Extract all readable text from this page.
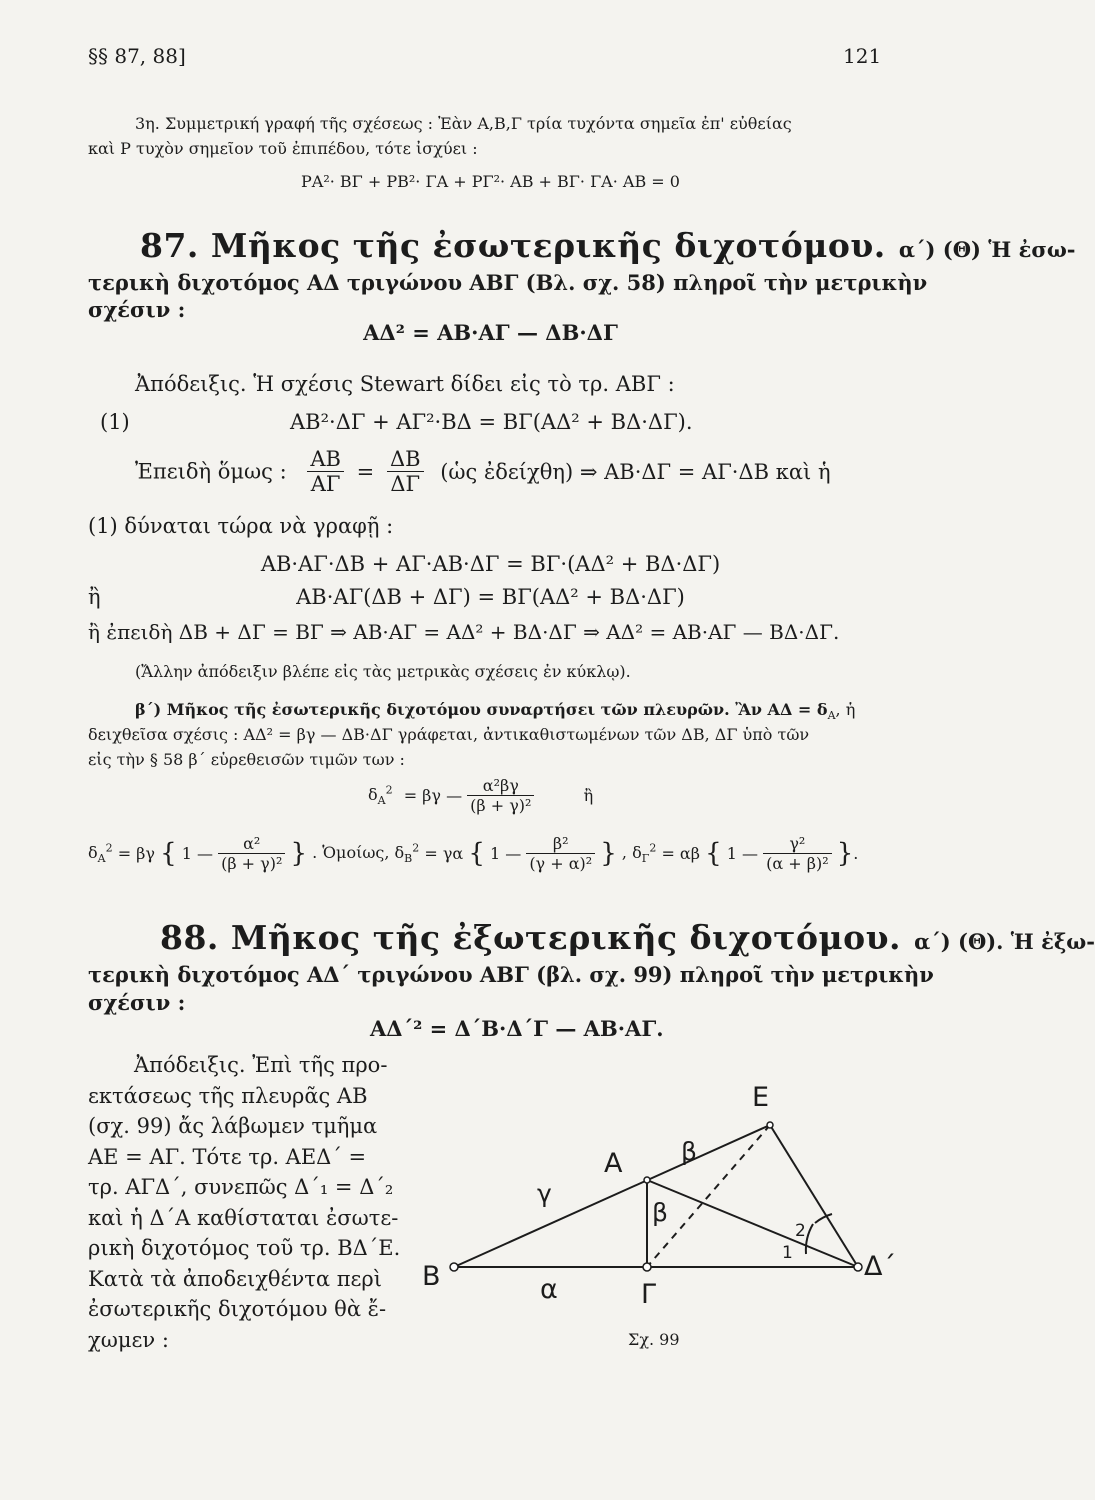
§§ 87, 88]	121
3η. Συμμετρική γραφή τῆς σχέσεως : Ἐὰν Α,Β,Γ τρία τυχόντα σημεῖα ἐπ' εὐθείας
καὶ Ρ τυχὸν σημεῖον τοῦ ἐπιπέδου, τότε ἰσχύει :
ΡΑ²· ΒΓ + ΡΒ²· ΓΑ + ΡΓ²· ΑΒ + ΒΓ· ΓΑ· ΑΒ = 0
87. Μῆκος τῆς ἐσωτερικῆς διχοτόμου. α΄) (Θ) Ἡ ἐσω-
τερικὴ διχοτόμος ΑΔ τριγώνου ΑΒΓ (Βλ. σχ. 58) πληροῖ τὴν μετρικὴν
σχέσιν :
ΑΔ² = ΑΒ·ΑΓ — ΔΒ·ΔΓ
Ἀπόδειξις. Ἡ σχέσις Stewart δίδει εἰς τὸ τρ. ΑΒΓ :
(1)	ΑΒ²·ΔΓ + ΑΓ²·ΒΔ = ΒΓ(ΑΔ² + ΒΔ·ΔΓ).
Ἐπειδὴ ὅμως : $\frac{AB}{A\Gamma} = \frac{\Delta B}{\Delta\Gamma}$ (ὡς ἐδείχθη) ⇒ ΑΒ·ΔΓ = ΑΓ·ΔΒ καὶ ἡ
(1) δύναται τώρα νὰ γραφῇ :
ΑΒ·ΑΓ·ΔΒ + ΑΓ·ΑΒ·ΔΓ = ΒΓ·(ΑΔ² + ΒΔ·ΔΓ)
ἢ	ΑΒ·ΑΓ(ΔΒ + ΔΓ) = ΒΓ(ΑΔ² + ΒΔ·ΔΓ)
ἢ ἐπειδὴ ΔΒ + ΔΓ = ΒΓ ⇒ ΑΒ·ΑΓ = ΑΔ² + ΒΔ·ΔΓ ⇒ ΑΔ² = ΑΒ·ΑΓ — ΒΔ·ΔΓ.
(Ἄλλην ἀπόδειξιν βλέπε εἰς τὰς μετρικὰς σχέσεις ἐν κύκλῳ).
β΄) Μῆκος τῆς ἐσωτερικῆς διχοτόμου συναρτήσει τῶν πλευρῶν. Ἂν $A\Delta = \delta_A$, ἡ
δειχθεῖσα σχέσις : ΑΔ² = βγ — ΔΒ·ΔΓ γράφεται, ἀντικαθιστωμένων τῶν ΔΒ, ΔΓ ὑπὸ τῶν
εἰς τὴν § 58 β΄ εὑρεθεισῶν τιμῶν των :
$\delta_A^2 = \beta\gamma$ — $\frac{\text{α²βγ}}{\text{(β + γ)²}}$	ἢ
$\delta_A^2 = \beta\gamma$ { 1 — $\frac{\text{α²}}{\text{(β + γ)²}}$ } . Ὁμοίως, $\delta_B^2 = \gamma\alpha$ { 1 — $\frac{\text{β²}}{\text{(γ + α)²}}$ } , $\delta_\Gamma^2 = \alpha\beta$ { 1 — $\frac{\text{γ²}}{\text{(α + β)²}}$ }.
88. Μῆκος τῆς ἐξωτερικῆς διχοτόμου. α΄) (Θ). Ἡ ἐξω-
τερικὴ διχοτόμος ΑΔ΄ τριγώνου ΑΒΓ (βλ. σχ. 99) πληροῖ τὴν μετρικὴν
σχέσιν :
ΑΔ΄² = Δ΄Β·Δ΄Γ — ΑΒ·ΑΓ.
Ἀπόδειξις. Ἐπὶ τῆς προ-
εκτάσεως τῆς πλευρᾶς ΑΒ
(σχ. 99) ἄς λάβωμεν τμῆμα
ΑΕ = ΑΓ. Τότε τρ. ΑΕΔ΄ =
τρ. ΑΓΔ΄, συνεπῶς Δ΄₁ = Δ΄₂
καὶ ἡ Δ΄Α καθίσταται ἐσωτε-
ρικὴ διχοτόμος τοῦ τρ. ΒΔ΄Ε.
Κατὰ τὰ ἀποδειχθέντα περὶ
ἐσωτερικῆς διχοτόμου θὰ ἔ-
χωμεν :
Ε
Α
Β
Γ
Δ΄
β
β
γ
α
1
2
Σχ. 99
